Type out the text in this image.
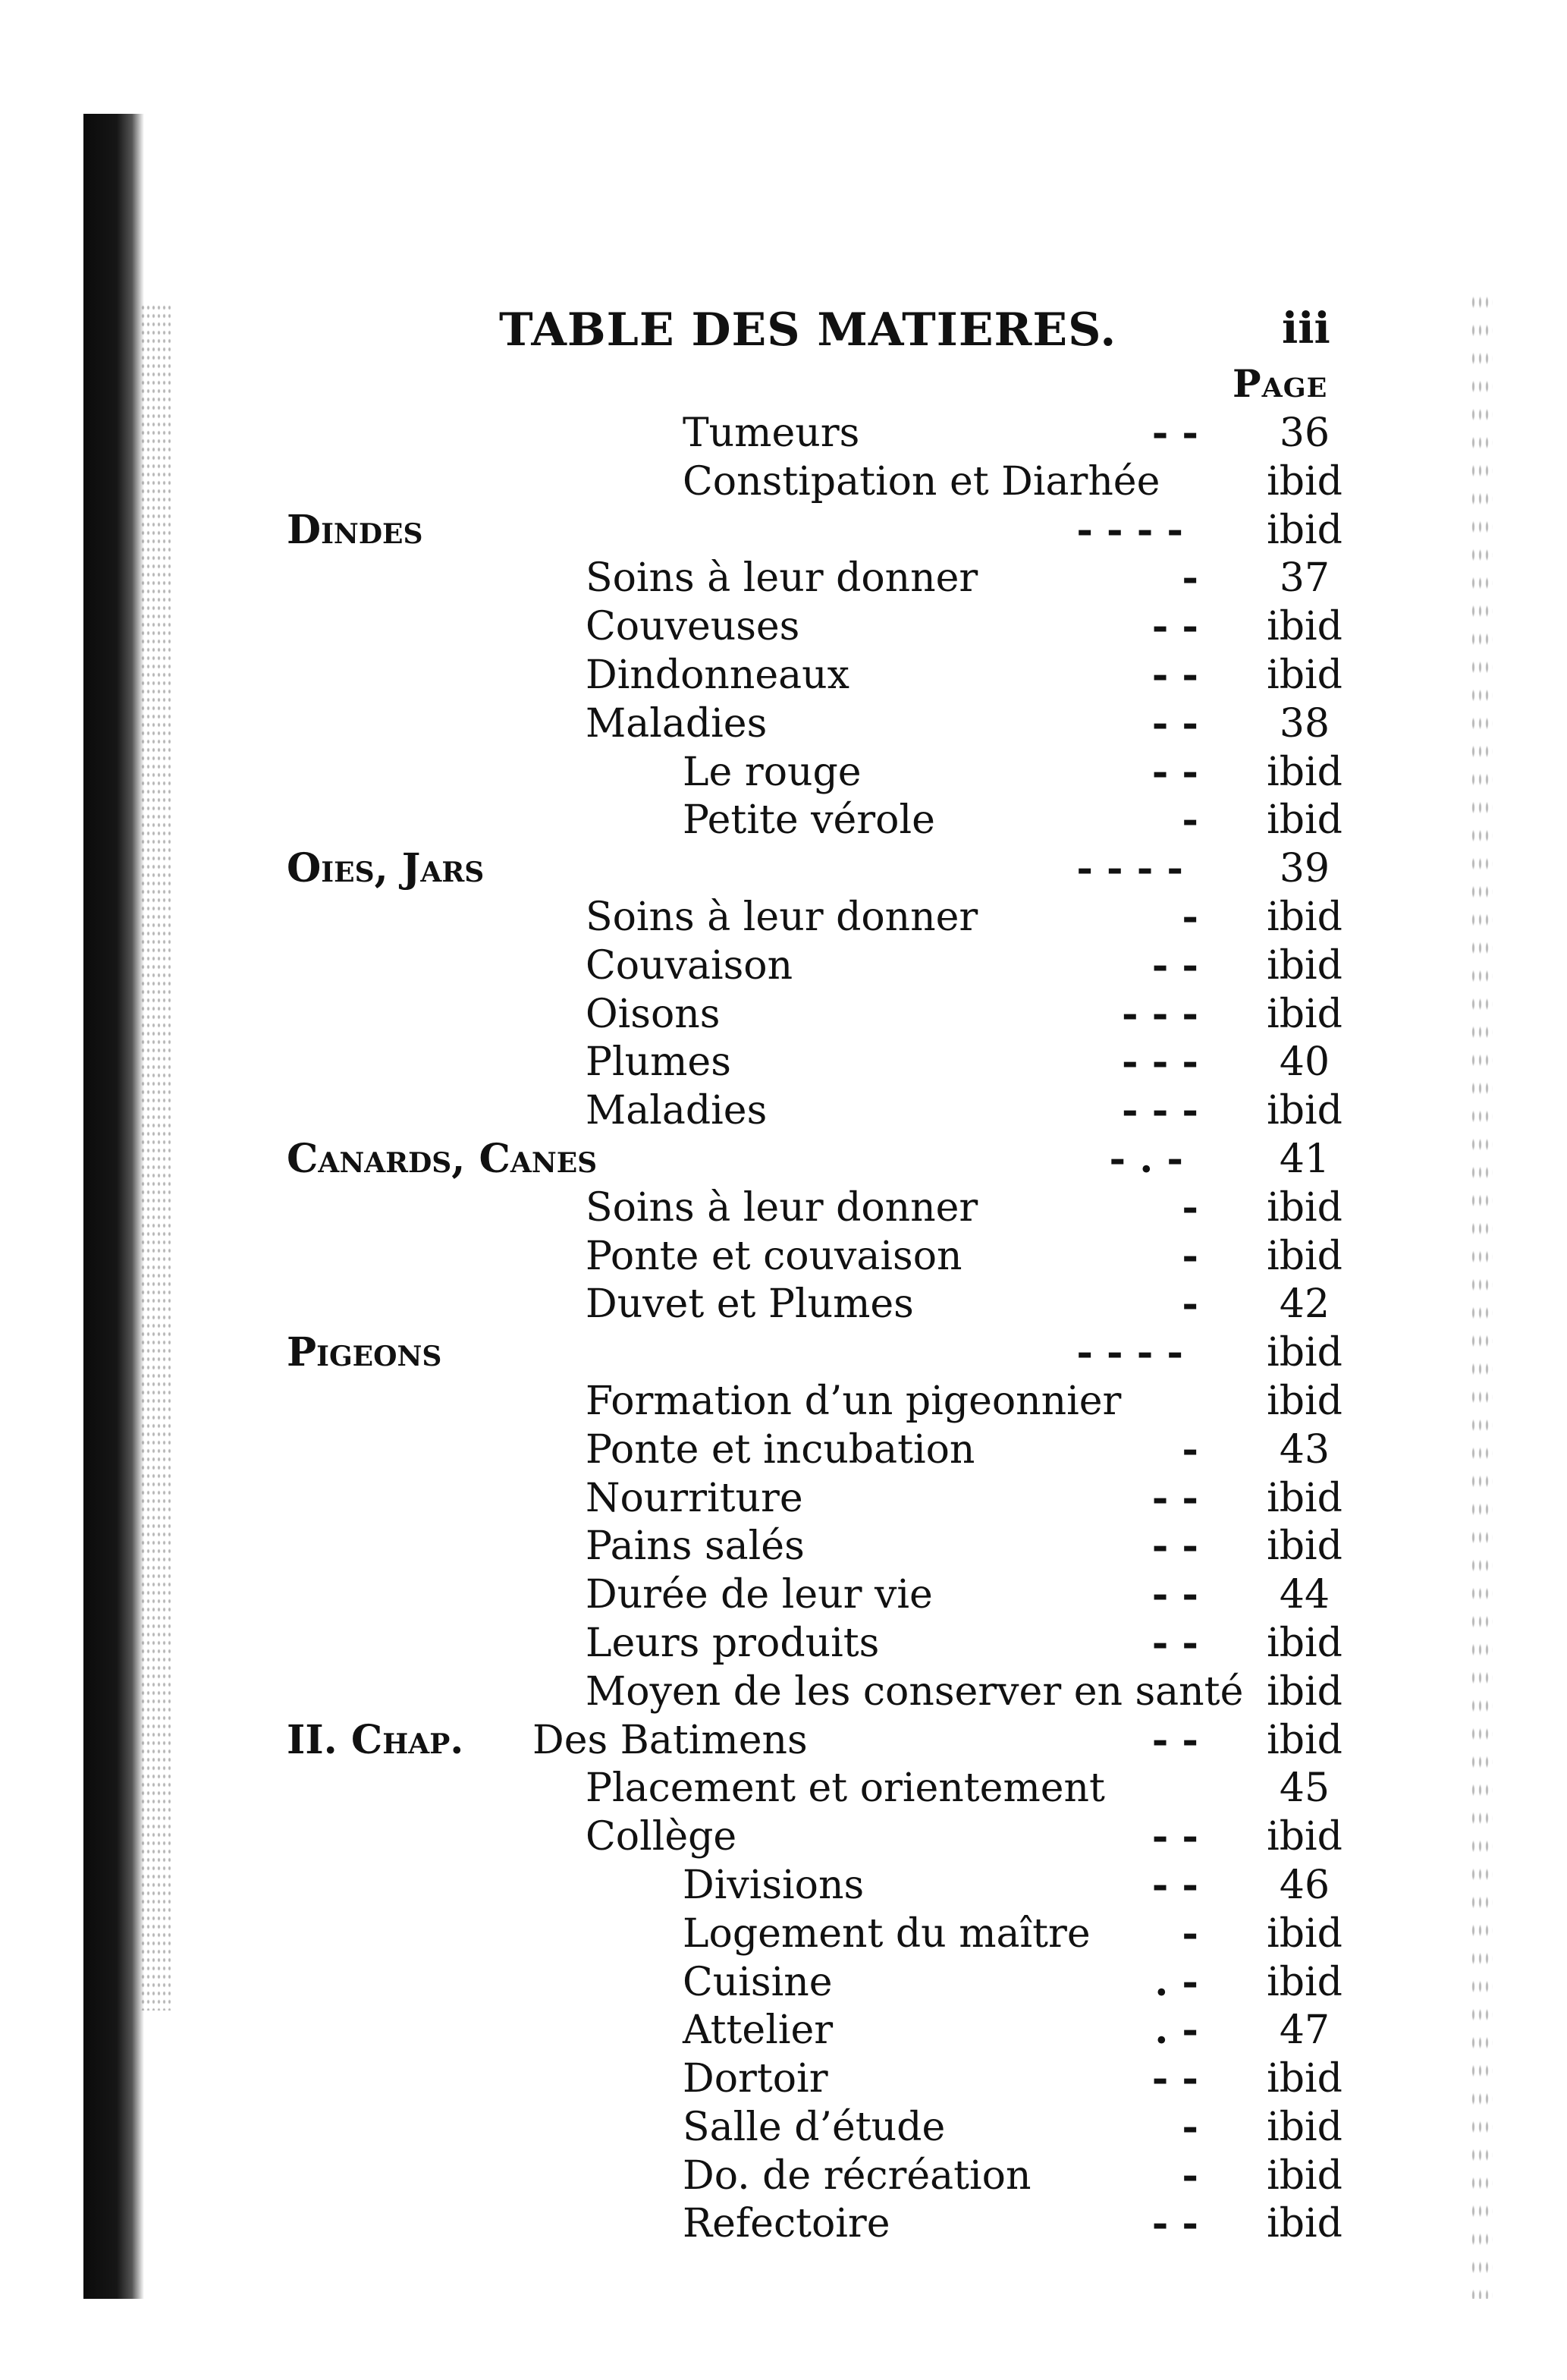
TABLE DES MATIERES.	iii
Page
Tumeurs	- -	36
Constipation et Diarhée	ibid
Dindes	- - - -	ibid
Soins à leur donner	-	37
Couveuses	- -	ibid
Dindonneaux	- -	ibid
Maladies	- -	38
Le rouge	- -	ibid
Petite vérole	-	ibid
Oies, Jars	- - - -	39
Soins à leur donner	-	ibid
Couvaison	- -	ibid
Oisons	- - -	ibid
Plumes	- - -	40
Maladies	- - -	ibid
Canards, Canes	- . -	41
Soins à leur donner	-	ibid
Ponte et couvaison	-	ibid
Duvet et Plumes	-	42
Pigeons	- - - -	ibid
Formation d’un pigeonnier	ibid
Ponte et incubation	-	43
Nourriture	- -	ibid
Pains salés	- -	ibid
Durée de leur vie	- -	44
Leurs produits	- -	ibid
Moyen de les conserver en santé ibid
II. Chap. Des Batimens	- -	ibid
Placement et orientement	45
Collège	- -	ibid
Divisions	- -	46
Logement du maître	-	ibid
Cuisine	. -	ibid
Attelier	. -	47
Dortoir	- -	ibid
Salle d’étude	-	ibid
Do. de récréation	-	ibid
Refectoire	- -	ibid
